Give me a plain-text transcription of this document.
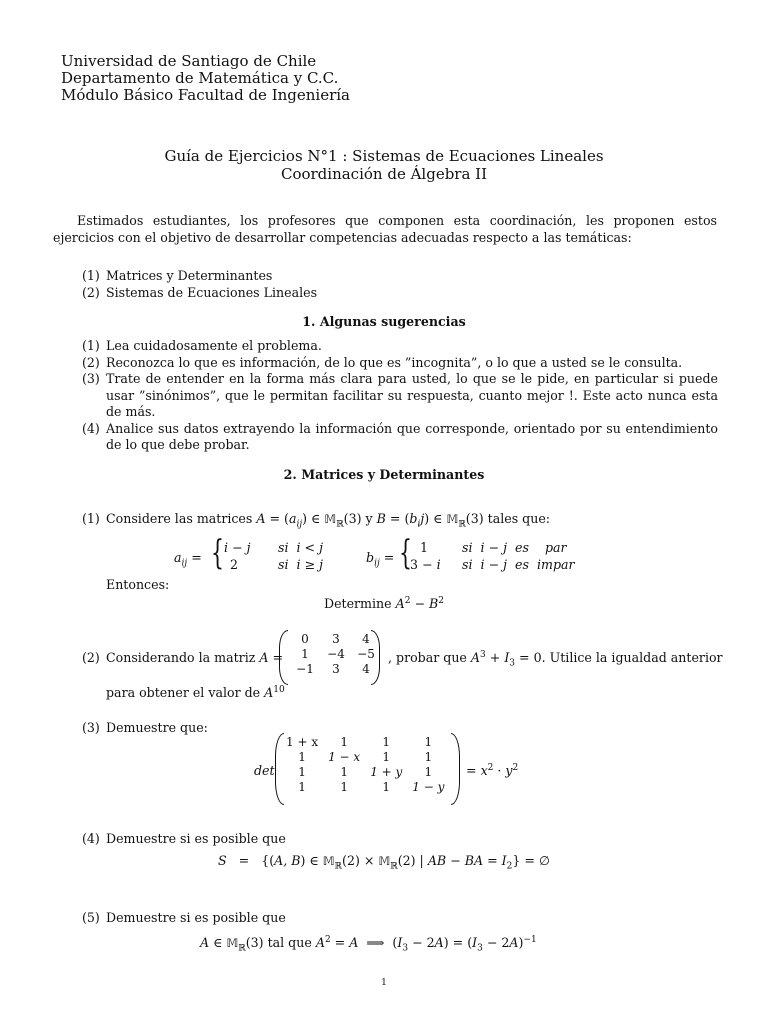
Universidad de Santiago de Chile

Departamento de Matemática y C.C.

Módulo Básico Facultad de Ingeniería

Guía de Ejercicios N°1 : Sistemas de Ecuaciones Lineales

Coordinación de Álgebra II

Estimados estudiantes, los profesores que componen esta coordinación, les proponen estos ejercicios con el objetivo de desarrollar competencias adecuadas respecto a las temáticas:

(1) Matrices y Determinantes
(2) Sistemas de Ecuaciones Lineales

1. Algunas sugerencias

(1) Lea cuidadosamente el problema.
(2) Reconozca lo que es información, de lo que es ”incognita”, o lo que a usted se le consulta.
(3) Trate de entender en la forma más clara para usted, lo que se le pide, en particular si puede usar ”sinónimos”, que le permitan facilitar su respuesta, cuanto mejor !. Este acto nunca esta de más.
(4) Analice sus datos extrayendo la información que corresponde, orientado por su entendimiento de lo que debe probar.

2. Matrices y Determinantes

(1) Considere las matrices $A = (a_{ij})$ ∈ 𝕄$_ℝ$(3) y $B = (b_ij)$ ∈ 𝕄$_ℝ$(3) tales que:

$a_{ij}$ = { i − j
2
si i < j
si i ≥ j	$b_{ij}$ = { 1
3 − i
si i − j es par
si i − j es impar

Entonces:

Determine $A^2 - B^2$

(2) Considerando la matriz A =

0	3	4
1	−4	−5
−1	3	4

, probar que $A^3 + I_3 = 0$. Utilice la igualdad anterior

para obtener el valor de $A^{10}$

(3) Demuestre que:

det

1 + x	1	1	1
1	1 − x	1	1
1	1	1 + y	1
1	1	1	1 − y

= $x^2 \cdot y^2$

(4) Demuestre si es posible que

S   =   {(A, B) ∈ 𝕄$_ℝ$(2) × 𝕄$_ℝ$(2) | AB − BA = $I_2$} = ∅

(5) Demuestre si es posible que

A ∈ 𝕄$_ℝ$(3) tal que $A^2 = A$  ⟹  $(I_3 - 2A) = (I_3 - 2A)^{-1}$

1
